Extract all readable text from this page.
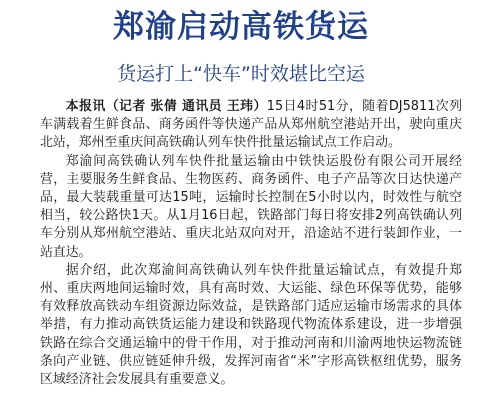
郑渝启动高铁货运
货运打上“快车”时效堪比空运

本报讯（记者 张倩 通讯员 王玮）15日4时51分，随着DJ5811次列车满载着生鲜食品、商务函件等快递产品从郑州航空港站开出，驶向重庆北站，郑州至重庆间高铁确认列车快件批量运输试点工作启动。

郑渝间高铁确认列车快件批量运输由中铁快运股份有限公司开展经营，主要服务生鲜食品、生物医药、商务函件、电子产品等次日达快递产品，最大装载重量可达15吨，运输时长控制在5小时以内，时效性与航空相当，较公路快1天。从1月16日起，铁路部门每日将安排2列高铁确认列车分别从郑州航空港站、重庆北站双向对开，沿途站不进行装卸作业，一站直达。

据介绍，此次郑渝间高铁确认列车快件批量运输试点，有效提升郑州、重庆两地间运输时效，具有高时效、大运能、绿色环保等优势，能够有效释放高铁动车组资源边际效益，是铁路部门适应运输市场需求的具体举措，有力推动高铁货运能力建设和铁路现代物流体系建设，进一步增强铁路在综合交通运输中的骨干作用，对于推动河南和川渝两地快运物流链条向产业链、供应链延伸升级，发挥河南省“米”字形高铁枢纽优势，服务区域经济社会发展具有重要意义。
